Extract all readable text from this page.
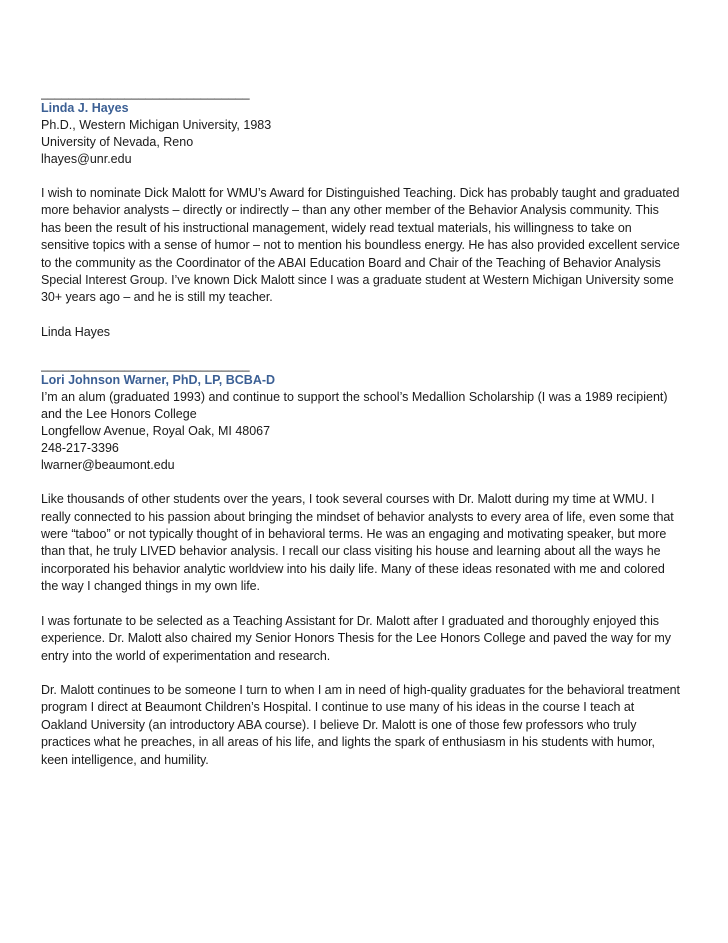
______________________________
Linda J. Hayes
Ph.D., Western Michigan University, 1983
University of Nevada, Reno
lhayes@unr.edu

I wish to nominate Dick Malott for WMU’s Award for Distinguished Teaching. Dick has probably taught and graduated more behavior analysts – directly or indirectly – than any other member of the Behavior Analysis community. This has been the result of his instructional management, widely read textual materials, his willingness to take on sensitive topics with a sense of humor – not to mention his boundless energy. He has also provided excellent service to the community as the Coordinator of the ABAI Education Board and Chair of the Teaching of Behavior Analysis Special Interest Group. I’ve known Dick Malott since I was a graduate student at Western Michigan University some 30+ years ago – and he is still my teacher.

Linda Hayes

______________________________
Lori Johnson Warner, PhD, LP, BCBA-D
I’m an alum (graduated 1993) and continue to support the school’s Medallion Scholarship (I was a 1989 recipient)
and the Lee Honors College
Longfellow Avenue, Royal Oak, MI 48067
248-217-3396
lwarner@beaumont.edu

Like thousands of other students over the years, I took several courses with Dr. Malott during my time at WMU. I really connected to his passion about bringing the mindset of behavior analysts to every area of life, even some that were “taboo” or not typically thought of in behavioral terms. He was an engaging and motivating speaker, but more than that, he truly LIVED behavior analysis. I recall our class visiting his house and learning about all the ways he incorporated his behavior analytic worldview into his daily life. Many of these ideas resonated with me and colored the way I changed things in my own life.

I was fortunate to be selected as a Teaching Assistant for Dr. Malott after I graduated and thoroughly enjoyed this experience. Dr. Malott also chaired my Senior Honors Thesis for the Lee Honors College and paved the way for my entry into the world of experimentation and research.

Dr. Malott continues to be someone I turn to when I am in need of high-quality graduates for the behavioral treatment program I direct at Beaumont Children’s Hospital. I continue to use many of his ideas in the course I teach at Oakland University (an introductory ABA course). I believe Dr. Malott is one of those few professors who truly practices what he preaches, in all areas of his life, and lights the spark of enthusiasm in his students with humor, keen intelligence, and humility.
